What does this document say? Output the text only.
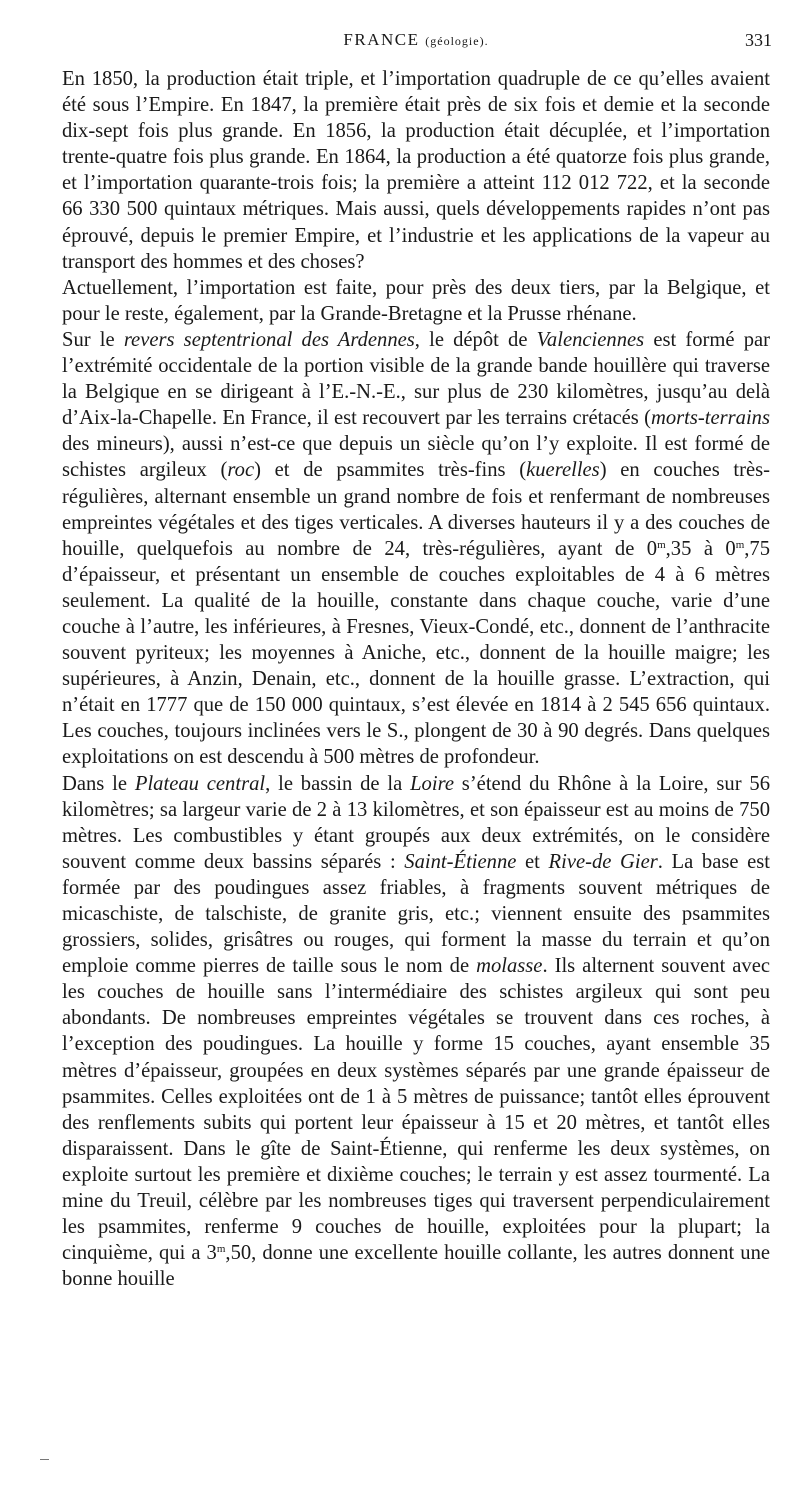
FRANCE (géologie).	331

En 1850, la production était triple, et l’importation quadruple de ce qu’elles avaient été sous l’Empire. En 1847, la première était près de six fois et demie et la seconde dix-sept fois plus grande. En 1856, la production était décuplée, et l’importation trente-quatre fois plus grande. En 1864, la production a été quatorze fois plus grande, et l’importation quarante-trois fois; la première a atteint 112 012 722, et la seconde 66 330 500 quintaux métriques. Mais aussi, quels développements rapides n’ont pas éprouvé, depuis le premier Empire, et l’industrie et les applications de la vapeur au transport des hommes et des choses?

Actuellement, l’importation est faite, pour près des deux tiers, par la Belgique, et pour le reste, également, par la Grande-Bretagne et la Prusse rhénane.

Sur le revers septentrional des Ardennes, le dépôt de Valenciennes est formé par l’extrémité occidentale de la portion visible de la grande bande houillère qui traverse la Belgique en se dirigeant à l’E.-N.-E., sur plus de 230 kilomètres, jusqu’au delà d’Aix-la-Chapelle. En France, il est recouvert par les terrains crétacés (morts-terrains des mineurs), aussi n’est-ce que depuis un siècle qu’on l’y exploite. Il est formé de schistes argileux (roc) et de psammites très-fins (kuerelles) en couches très-régulières, alternant ensemble un grand nombre de fois et renfermant de nombreuses empreintes végétales et des tiges verticales. A diverses hauteurs il y a des couches de houille, quelquefois au nombre de 24, très-régulières, ayant de 0$^m$,35 à 0$^m$,75 d’épaisseur, et présentant un ensemble de couches exploitables de 4 à 6 mètres seulement. La qualité de la houille, constante dans chaque couche, varie d’une couche à l’autre, les inférieures, à Fresnes, Vieux-Condé, etc., donnent de l’anthracite souvent pyriteux; les moyennes à Aniche, etc., donnent de la houille maigre; les supérieures, à Anzin, Denain, etc., donnent de la houille grasse. L’extraction, qui n’était en 1777 que de 150 000 quintaux, s’est élevée en 1814 à 2 545 656 quintaux. Les couches, toujours inclinées vers le S., plongent de 30 à 90 degrés. Dans quelques exploitations on est descendu à 500 mètres de profondeur.

Dans le Plateau central, le bassin de la Loire s’étend du Rhône à la Loire, sur 56 kilomètres; sa largeur varie de 2 à 13 kilomètres, et son épaisseur est au moins de 750 mètres. Les combustibles y étant groupés aux deux extrémités, on le considère souvent comme deux bassins séparés : Saint-Étienne et Rive-de Gier. La base est formée par des poudingues assez friables, à fragments souvent métriques de micaschiste, de talschiste, de granite gris, etc.; viennent ensuite des psammites grossiers, solides, grisâtres ou rouges, qui forment la masse du terrain et qu’on emploie comme pierres de taille sous le nom de molasse. Ils alternent souvent avec les couches de houille sans l’intermédiaire des schistes argileux qui sont peu abondants. De nombreuses empreintes végétales se trouvent dans ces roches, à l’exception des poudingues. La houille y forme 15 couches, ayant ensemble 35 mètres d’épaisseur, groupées en deux systèmes séparés par une grande épaisseur de psammites. Celles exploitées ont de 1 à 5 mètres de puissance; tantôt elles éprouvent des renflements subits qui portent leur épaisseur à 15 et 20 mètres, et tantôt elles disparaissent. Dans le gîte de Saint-Étienne, qui renferme les deux systèmes, on exploite surtout les première et dixième couches; le terrain y est assez tourmenté. La mine du Treuil, célèbre par les nombreuses tiges qui traversent perpendiculairement les psammites, renferme 9 couches de houille, exploitées pour la plupart; la cinquième, qui a 3$^m$,50, donne une excellente houille collante, les autres donnent une bonne houille
